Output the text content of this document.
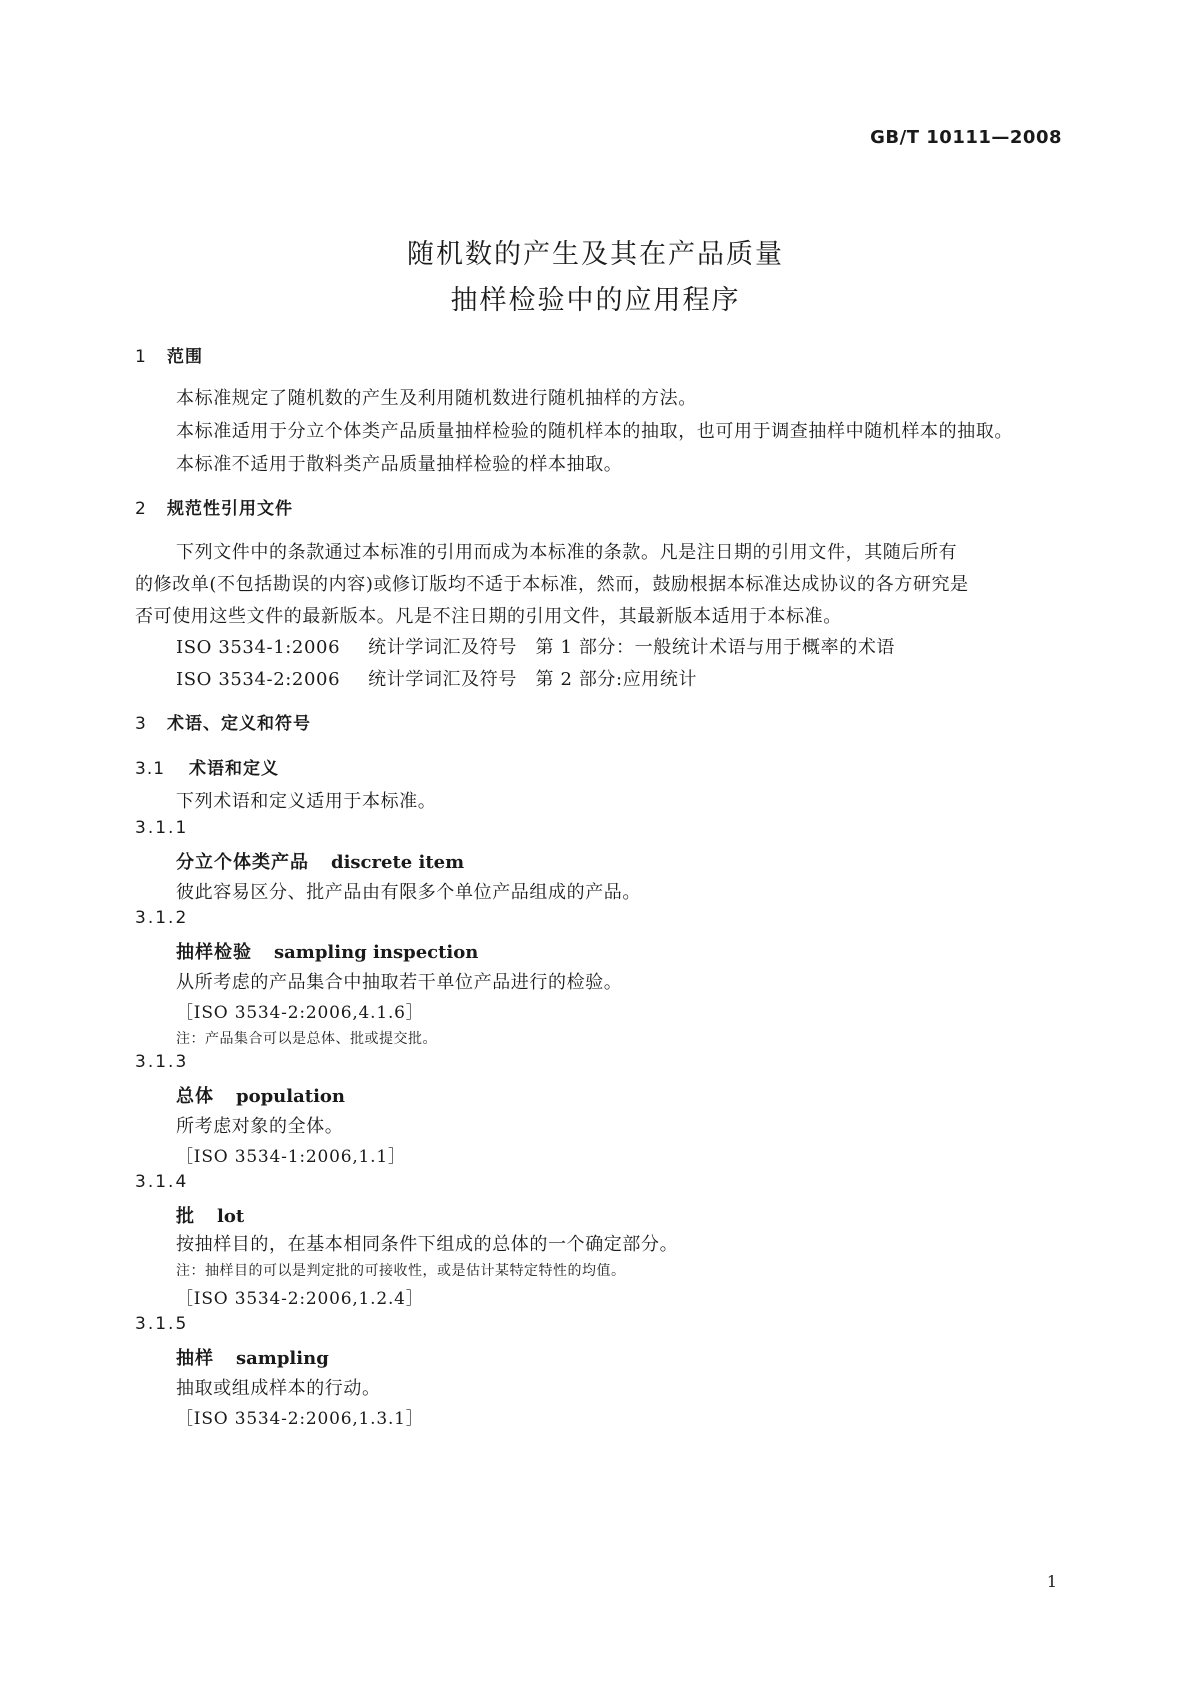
GB/T 10111—2008
随机数的产生及其在产品质量
抽样检验中的应用程序
1 范围
本标准规定了随机数的产生及利用随机数进行随机抽样的方法。
本标准适用于分立个体类产品质量抽样检验的随机样本的抽取，也可用于调查抽样中随机样本的抽取。
本标准不适用于散料类产品质量抽样检验的样本抽取。
2 规范性引用文件
下列文件中的条款通过本标准的引用而成为本标准的条款。凡是注日期的引用文件，其随后所有
的修改单(不包括勘误的内容)或修订版均不适于本标准，然而，鼓励根据本标准达成协议的各方研究是
否可使用这些文件的最新版本。凡是不注日期的引用文件，其最新版本适用于本标准。
ISO 3534-1:2006 统计学词汇及符号　第 1 部分：一般统计术语与用于概率的术语
ISO 3534-2:2006 统计学词汇及符号　第 2 部分:应用统计
3 术语、定义和符号
3.1 术语和定义
下列术语和定义适用于本标准。
3.1.1
分立个体类产品 discrete item
彼此容易区分、批产品由有限多个单位产品组成的产品。
3.1.2
抽样检验 sampling inspection
从所考虑的产品集合中抽取若干单位产品进行的检验。
［ISO 3534-2:2006,4.1.6］
注：产品集合可以是总体、批或提交批。
3.1.3
总体 population
所考虑对象的全体。
［ISO 3534-1:2006,1.1］
3.1.4
批 lot
按抽样目的，在基本相同条件下组成的总体的一个确定部分。
注：抽样目的可以是判定批的可接收性，或是估计某特定特性的均值。
［ISO 3534-2:2006,1.2.4］
3.1.5
抽样 sampling
抽取或组成样本的行动。
［ISO 3534-2:2006,1.3.1］
1
